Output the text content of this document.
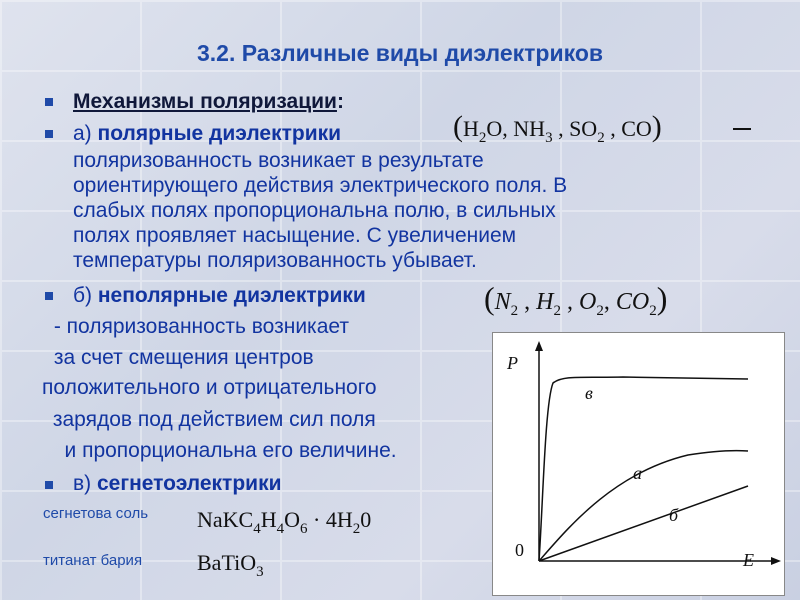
3.2. Различные виды диэлектриков
Механизмы поляризации:
а) полярные диэлектрики	($H_2O$, $NH_3$ , $SO_2$ , CO)
поляризованность возникает в результате
ориентирующего действия электрического поля. В
слабых полях пропорциональна полю, в сильных
полях проявляет насыщение. С увеличением
температуры поляризованность убывает.
б) неполярные диэлектрики	($N_2$ , $H_2$ , $O_2$, $CO_2$)
- поляризованность возникает
за счет смещения центров
положительного и отрицательного
зарядов под действием сил поля
и пропорциональна его величине.
в) сегнетоэлектрики
сегнетова соль $NaKC_4H_4O_6 \cdot 4H_20$
титанат бария BaTiO$_3$
P
E
0
в
а
б
